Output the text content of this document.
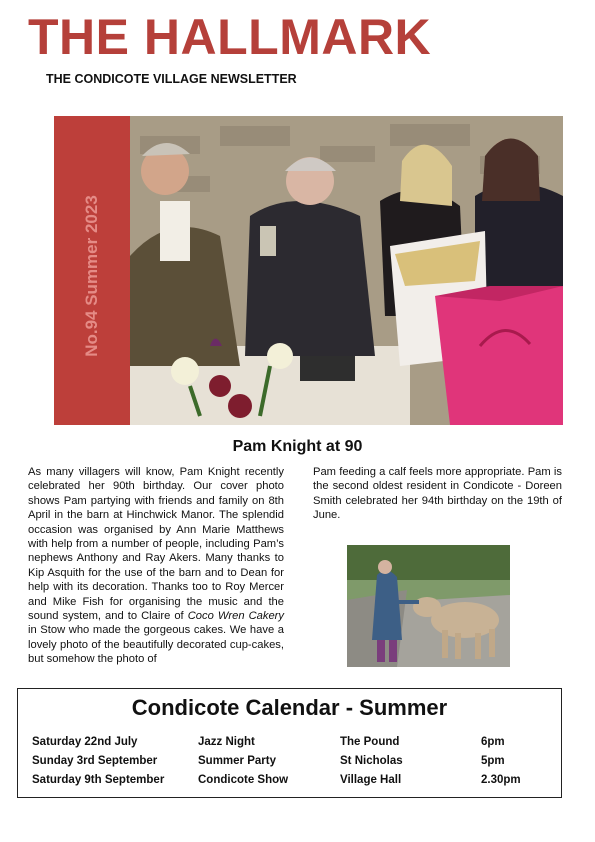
THE HALLMARK
THE CONDICOTE VILLAGE NEWSLETTER
No.94 Summer 2023
Pam Knight at 90

As many villagers will know, Pam Knight recently celebrated her 90th birthday. Our cover photo shows Pam partying with friends and family on 8th April in the barn at Hinchwick Manor. The splendid occasion was organised by Ann Marie Matthews with help from a number of people, including Pam’s nephews Anthony and Ray Akers. Many thanks to Kip Asquith for the use of the barn and to Dean for help with its decoration. Thanks too to Roy Mercer and Mike Fish for organising the music and the sound system, and to Claire of Coco Wren Cakery in Stow who made the gorgeous cakes. We have a lovely photo of the beautifully decorated cup-cakes, but somehow the photo of

Pam feeding a calf feels more appropriate. Pam is the second oldest resident in Condicote - Doreen Smith celebrated her 94th birthday on the 19th of June.

Condicote Calendar - Summer
Saturday 22nd July	Jazz Night	The Pound	6pm
Sunday 3rd September	Summer Party	St Nicholas	5pm
Saturday 9th September	Condicote Show	Village Hall	2.30pm
